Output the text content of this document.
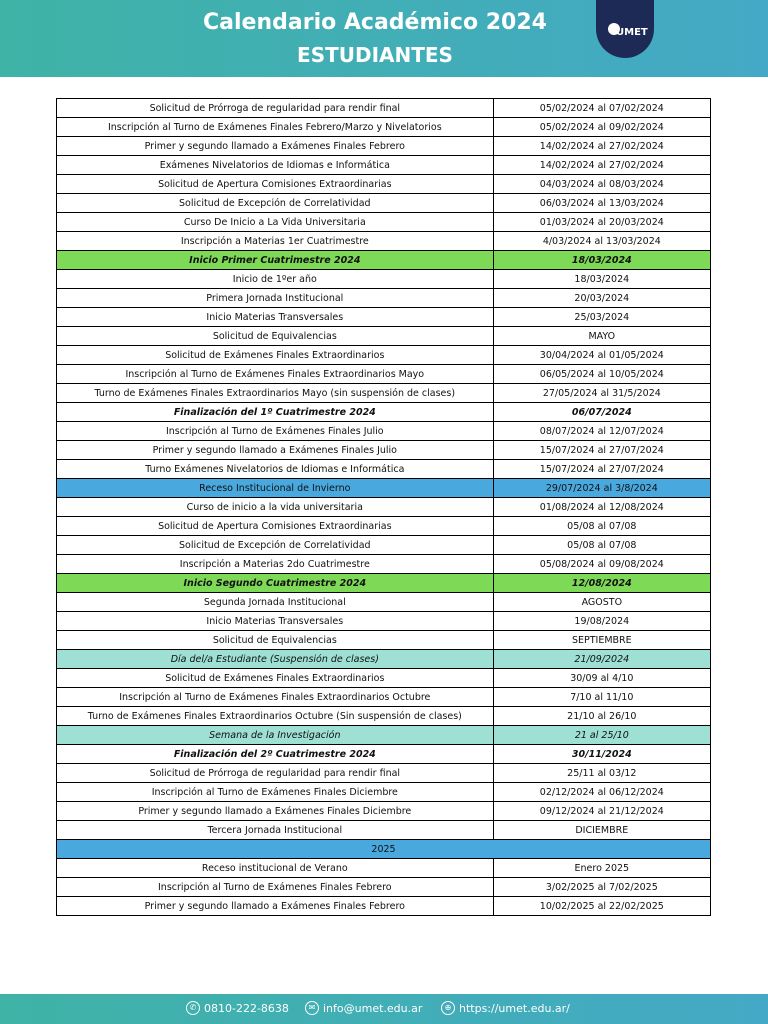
Calendario Académico 2024
ESTUDIANTES
UMET
Solicitud de Prórroga de regularidad para rendir final	05/02/2024 al 07/02/2024
Inscripción al Turno de Exámenes Finales Febrero/Marzo y Nivelatorios	05/02/2024 al 09/02/2024
Primer y segundo llamado a Exámenes Finales Febrero	14/02/2024 al 27/02/2024
Exámenes Nivelatorios de Idiomas e Informática	14/02/2024 al 27/02/2024
Solicitud de Apertura Comisiones Extraordinarias	04/03/2024 al 08/03/2024
Solicitud de Excepción de Correlatividad	06/03/2024 al 13/03/2024
Curso De Inicio a La Vida Universitaria	01/03/2024 al 20/03/2024
Inscripción a Materias 1er Cuatrimestre	4/03/2024 al 13/03/2024
Inicio Primer Cuatrimestre 2024	18/03/2024
Inicio de 1ºer año	18/03/2024
Primera Jornada Institucional	20/03/2024
Inicio Materias Transversales	25/03/2024
Solicitud de Equivalencias	MAYO
Solicitud de Exámenes Finales Extraordinarios	30/04/2024 al 01/05/2024
Inscripción al Turno de Exámenes Finales Extraordinarios Mayo	06/05/2024 al 10/05/2024
Turno de Exámenes Finales Extraordinarios Mayo (sin suspensión de clases)	27/05/2024 al 31/5/2024
Finalización del 1º Cuatrimestre 2024	06/07/2024
Inscripción al Turno de Exámenes Finales Julio	08/07/2024 al 12/07/2024
Primer y segundo llamado a Exámenes Finales Julio	15/07/2024 al 27/07/2024
Turno Exámenes Nivelatorios de Idiomas e Informática	15/07/2024 al 27/07/2024
Receso Institucional de Invierno	29/07/2024 al 3/8/2024
Curso de inicio a la vida universitaria	01/08/2024 al 12/08/2024
Solicitud de Apertura Comisiones Extraordinarias	05/08 al 07/08
Solicitud de Excepción de Correlatividad	05/08 al 07/08
Inscripción a Materias 2do Cuatrimestre	05/08/2024 al 09/08/2024
Inicio Segundo Cuatrimestre 2024	12/08/2024
Segunda Jornada Institucional	AGOSTO
Inicio Materias Transversales	19/08/2024
Solicitud de Equivalencias	SEPTIEMBRE
Día del/a Estudiante (Suspensión de clases)	21/09/2024
Solicitud de Exámenes Finales Extraordinarios	30/09 al 4/10
Inscripción al Turno de Exámenes Finales Extraordinarios Octubre	7/10 al 11/10
Turno de Exámenes Finales Extraordinarios Octubre (Sin suspensión de clases)	21/10 al 26/10
Semana de la Investigación	21 al 25/10
Finalización del 2º Cuatrimestre 2024	30/11/2024
Solicitud de Prórroga de regularidad para rendir final	25/11 al 03/12
Inscripción al Turno de Exámenes Finales Diciembre	02/12/2024 al 06/12/2024
Primer y segundo llamado a Exámenes Finales Diciembre	09/12/2024 al 21/12/2024
Tercera Jornada Institucional	DICIEMBRE
2025	
Receso institucional de Verano	Enero 2025
Inscripción al Turno de Exámenes Finales Febrero	3/02/2025 al 7/02/2025
Primer y segundo llamado a Exámenes Finales Febrero	10/02/2025 al 22/02/2025
✆ 0810-222-8638	✉ info@umet.edu.ar	⊕ https://umet.edu.ar/
